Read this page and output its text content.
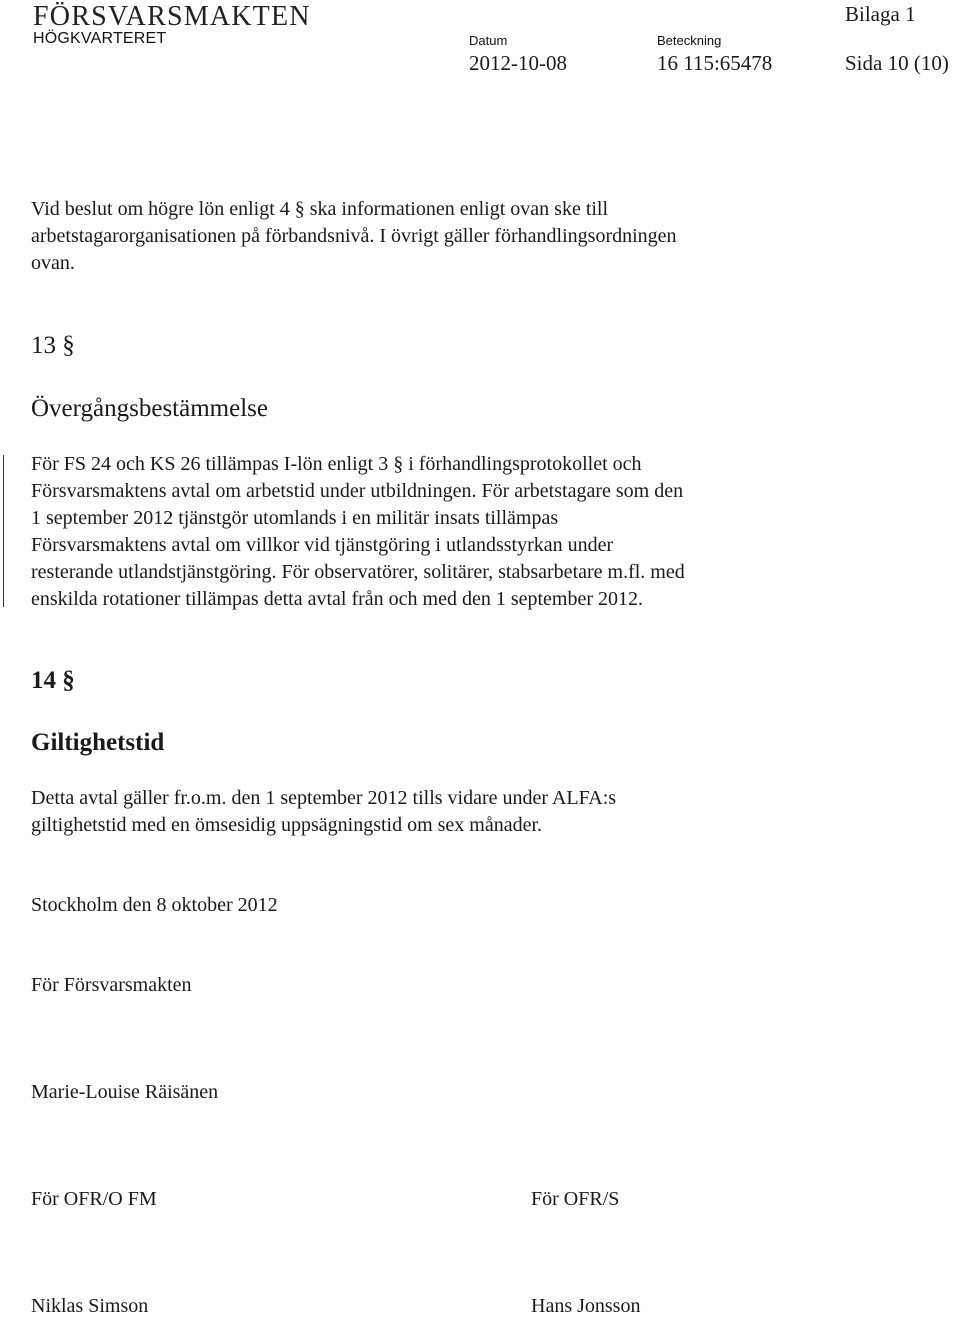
FÖRSVARSMAKTEN
HÖGKVARTERET
Bilaga 1
Datum
2012-10-08
Beteckning
16 115:65478	Sida 10 (10)
Vid beslut om högre lön enligt 4 § ska informationen enligt ovan ske till
arbetstagarorganisationen på förbandsnivå. I övrigt gäller förhandlingsordningen
ovan.
13 §
Övergångsbestämmelse
För FS 24 och KS 26 tillämpas I-lön enligt 3 § i förhandlingsprotokollet och
Försvarsmaktens avtal om arbetstid under utbildningen. För arbetstagare som den
1 september 2012 tjänstgör utomlands i en militär insats tillämpas
Försvarsmaktens avtal om villkor vid tjänstgöring i utlandsstyrkan under
resterande utlandstjänstgöring. För observatörer, solitärer, stabsarbetare m.fl. med
enskilda rotationer tillämpas detta avtal från och med den 1 september 2012.
14 §
Giltighetstid
Detta avtal gäller fr.o.m. den 1 september 2012 tills vidare under ALFA:s
giltighetstid med en ömsesidig uppsägningstid om sex månader.
Stockholm den 8 oktober 2012
För Försvarsmakten
Marie-Louise Räisänen
För OFR/O FM	För OFR/S
Niklas Simson	Hans Jonsson
